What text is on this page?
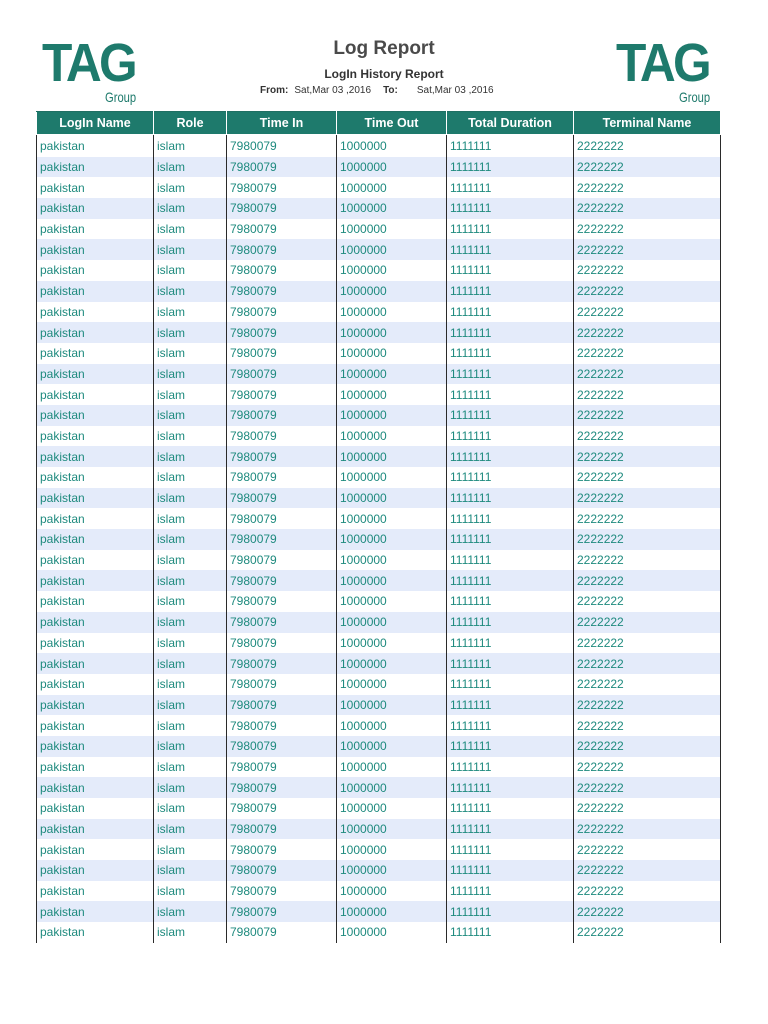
TAG
Group
TAG
Group
Log Report
LogIn History Report
From: Sat,Mar 03 ,2016 To: Sat,Mar 03 ,2016
LogIn Name	Role	Time In	Time Out	Total Duration	Terminal Name
pakistan	islam	7980079	1000000	1111111	2222222
pakistan	islam	7980079	1000000	1111111	2222222
pakistan	islam	7980079	1000000	1111111	2222222
pakistan	islam	7980079	1000000	1111111	2222222
pakistan	islam	7980079	1000000	1111111	2222222
pakistan	islam	7980079	1000000	1111111	2222222
pakistan	islam	7980079	1000000	1111111	2222222
pakistan	islam	7980079	1000000	1111111	2222222
pakistan	islam	7980079	1000000	1111111	2222222
pakistan	islam	7980079	1000000	1111111	2222222
pakistan	islam	7980079	1000000	1111111	2222222
pakistan	islam	7980079	1000000	1111111	2222222
pakistan	islam	7980079	1000000	1111111	2222222
pakistan	islam	7980079	1000000	1111111	2222222
pakistan	islam	7980079	1000000	1111111	2222222
pakistan	islam	7980079	1000000	1111111	2222222
pakistan	islam	7980079	1000000	1111111	2222222
pakistan	islam	7980079	1000000	1111111	2222222
pakistan	islam	7980079	1000000	1111111	2222222
pakistan	islam	7980079	1000000	1111111	2222222
pakistan	islam	7980079	1000000	1111111	2222222
pakistan	islam	7980079	1000000	1111111	2222222
pakistan	islam	7980079	1000000	1111111	2222222
pakistan	islam	7980079	1000000	1111111	2222222
pakistan	islam	7980079	1000000	1111111	2222222
pakistan	islam	7980079	1000000	1111111	2222222
pakistan	islam	7980079	1000000	1111111	2222222
pakistan	islam	7980079	1000000	1111111	2222222
pakistan	islam	7980079	1000000	1111111	2222222
pakistan	islam	7980079	1000000	1111111	2222222
pakistan	islam	7980079	1000000	1111111	2222222
pakistan	islam	7980079	1000000	1111111	2222222
pakistan	islam	7980079	1000000	1111111	2222222
pakistan	islam	7980079	1000000	1111111	2222222
pakistan	islam	7980079	1000000	1111111	2222222
pakistan	islam	7980079	1000000	1111111	2222222
pakistan	islam	7980079	1000000	1111111	2222222
pakistan	islam	7980079	1000000	1111111	2222222
pakistan	islam	7980079	1000000	1111111	2222222
